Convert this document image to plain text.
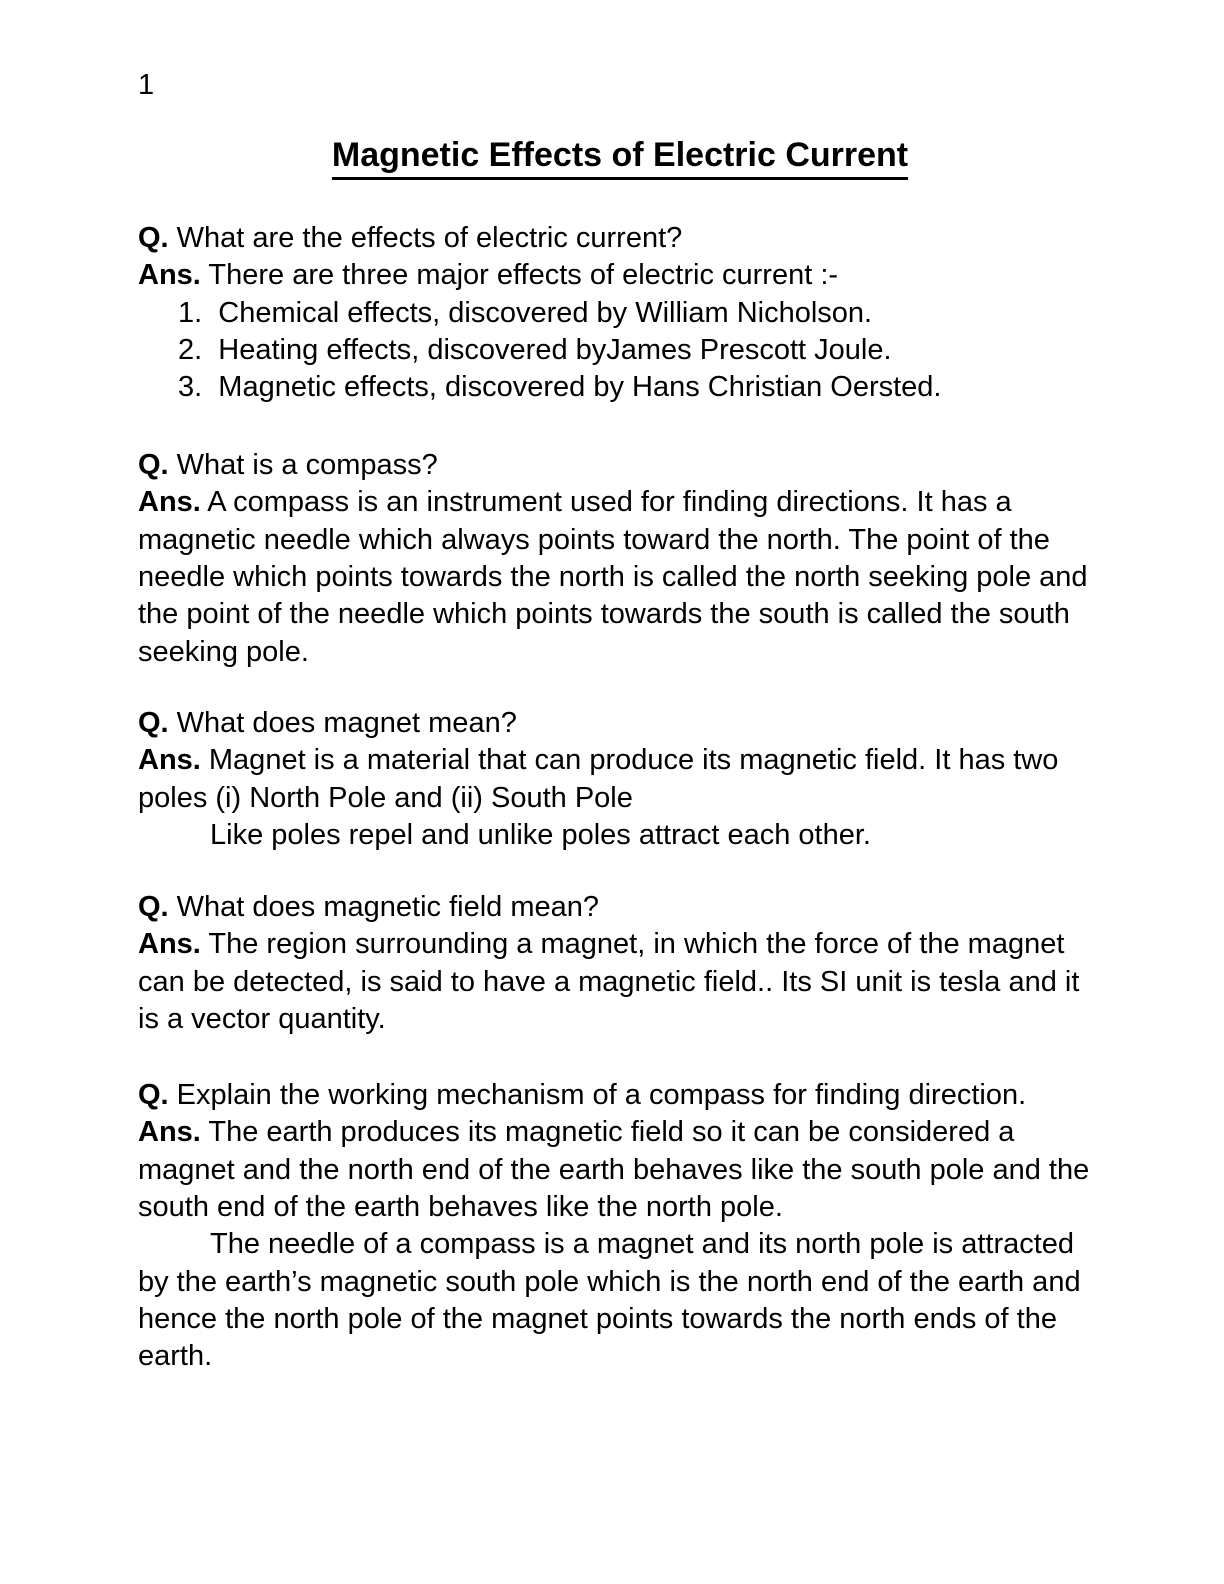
1
Magnetic Effects of Electric Current
Q. What are the effects of electric current?
Ans. There are three major effects of electric current :-
1.  Chemical effects, discovered by William Nicholson.
2.  Heating effects, discovered byJames Prescott Joule.
3.  Magnetic effects, discovered by Hans Christian Oersted.
Q. What is a compass?
Ans. A compass is an instrument used for finding directions. It has a
magnetic needle which always points toward the north. The point of the
needle which points towards the north is called the north seeking pole and
the point of the needle which points towards the south is called the south
seeking pole.
Q. What does magnet mean?
Ans. Magnet is a material that can produce its magnetic field. It has two
poles (i) North Pole and (ii) South Pole
Like poles repel and unlike poles attract each other.
Q. What does magnetic field mean?
Ans. The region surrounding a magnet, in which the force of the magnet
can be detected, is said to have a magnetic field.. Its SI unit is tesla and it
is a vector quantity.
Q. Explain the working mechanism of a compass for finding direction.
Ans. The earth produces its magnetic field so it can be considered a
magnet and the north end of the earth behaves like the south pole and the
south end of the earth behaves like the north pole.
The needle of a compass is a magnet and its north pole is attracted
by the earth’s magnetic south pole which is the north end of the earth and
hence the north pole of the magnet points towards the north ends of the
earth.
